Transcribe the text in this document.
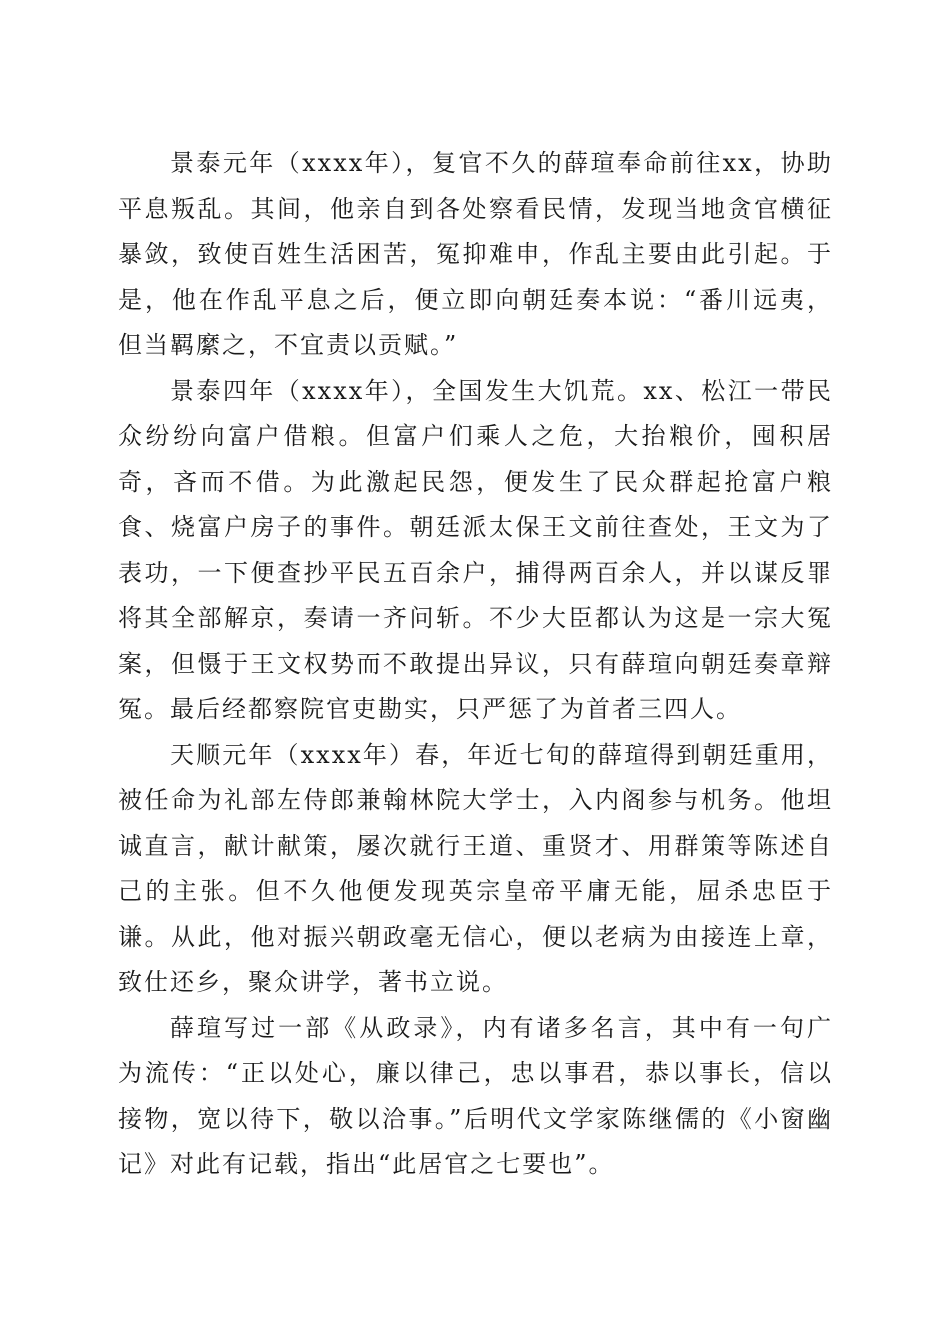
景泰元年（xxxx年），复官不久的薛瑄奉命前往xx，协助平息叛乱。其间，他亲自到各处察看民情，发现当地贪官横征暴敛，致使百姓生活困苦，冤抑难申，作乱主要由此引起。于是，他在作乱平息之后，便立即向朝廷奏本说：“番川远夷，但当羁縻之，不宜责以贡赋。”

景泰四年（xxxx年），全国发生大饥荒。xx、松江一带民众纷纷向富户借粮。但富户们乘人之危，大抬粮价，囤积居奇，吝而不借。为此激起民怨，便发生了民众群起抢富户粮食、烧富户房子的事件。朝廷派太保王文前往查处，王文为了表功，一下便查抄平民五百余户，捕得两百余人，并以谋反罪将其全部解京，奏请一齐问斩。不少大臣都认为这是一宗大冤案，但慑于王文权势而不敢提出异议，只有薛瑄向朝廷奏章辩冤。最后经都察院官吏勘实，只严惩了为首者三四人。

天顺元年（xxxx年）春，年近七旬的薛瑄得到朝廷重用，被任命为礼部左侍郎兼翰林院大学士，入内阁参与机务。他坦诚直言，献计献策，屡次就行王道、重贤才、用群策等陈述自己的主张。但不久他便发现英宗皇帝平庸无能，屈杀忠臣于谦。从此，他对振兴朝政毫无信心，便以老病为由接连上章，致仕还乡，聚众讲学，著书立说。

薛瑄写过一部《从政录》，内有诸多名言，其中有一句广为流传：“正以处心，廉以律己，忠以事君，恭以事长，信以接物，宽以待下，敬以洽事。”后明代文学家陈继儒的《小窗幽记》对此有记载，指出“此居官之七要也”。
